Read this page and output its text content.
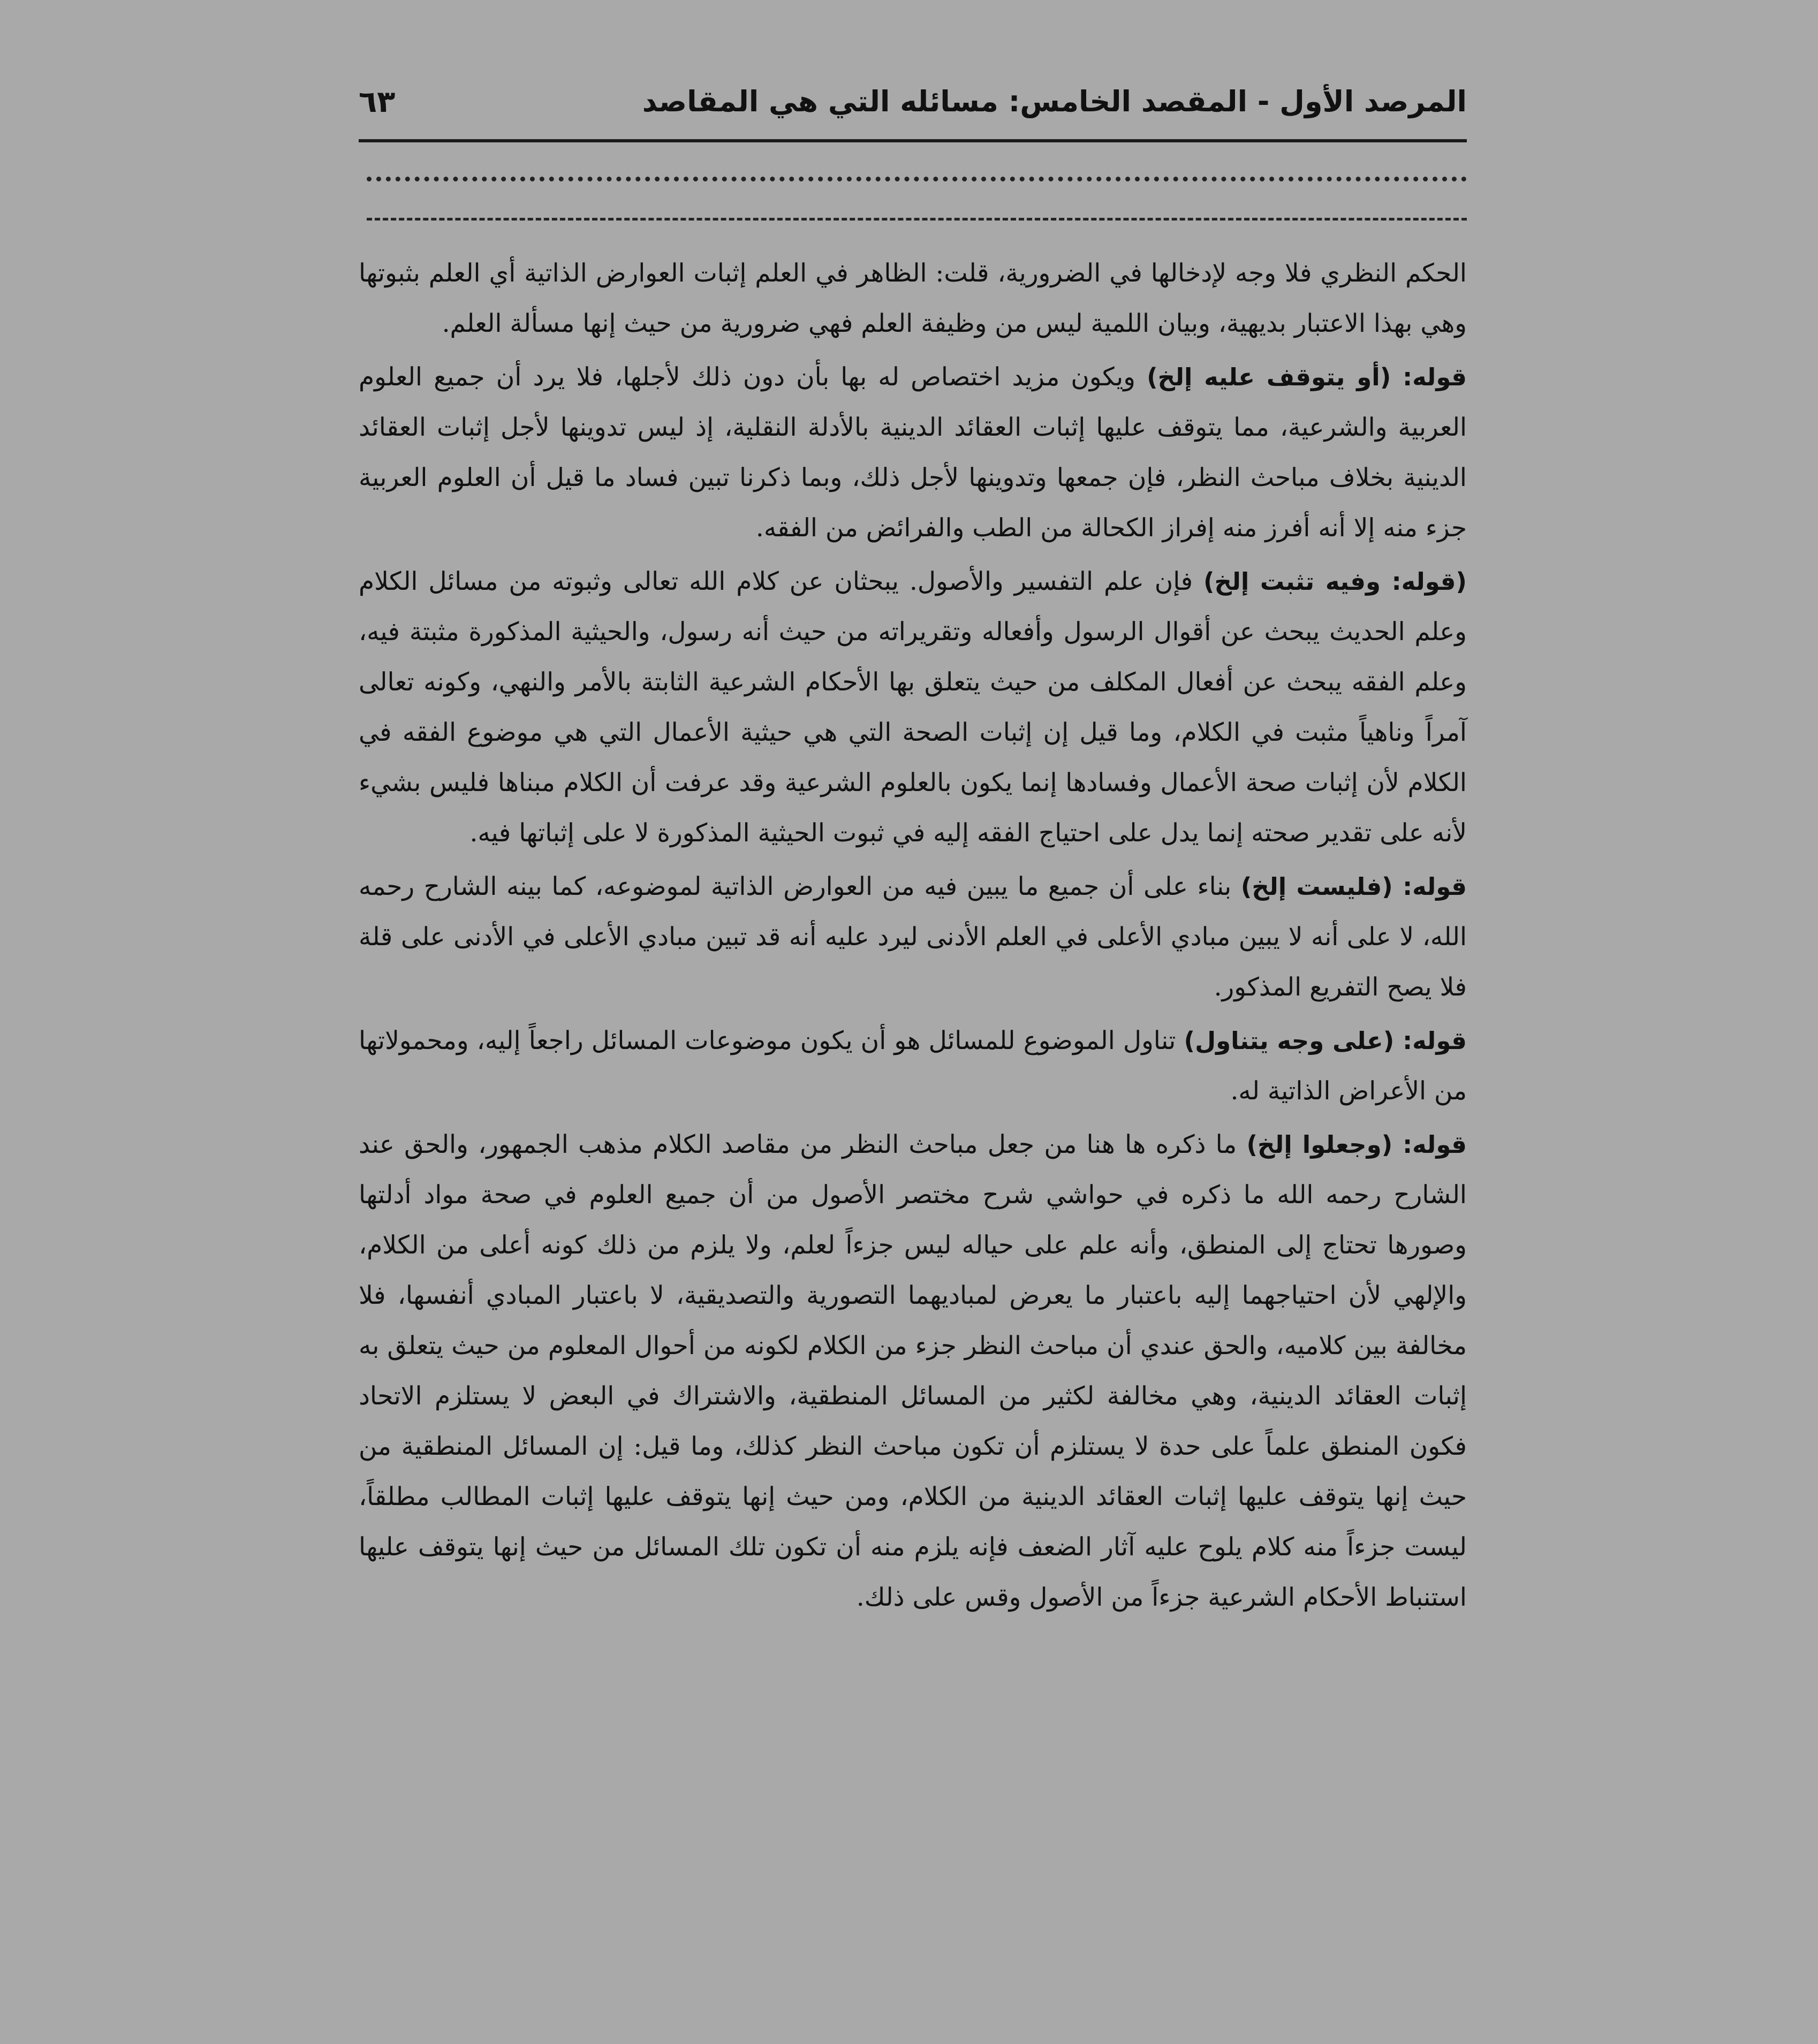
المرصد الأول - المقصد الخامس: مسائله التي هي المقاصد
٦٣

الحكم النظري فلا وجه لإدخالها في الضرورية، قلت: الظاهر في العلم إثبات العوارض الذاتية أي العلم بثبوتها وهي بهذا الاعتبار بديهية، وبيان اللمية ليس من وظيفة العلم فهي ضرورية من حيث إنها مسألة العلم.

قوله: (أو يتوقف عليه إلخ) ويكون مزيد اختصاص له بها بأن دون ذلك لأجلها، فلا يرد أن جميع العلوم العربية والشرعية، مما يتوقف عليها إثبات العقائد الدينية بالأدلة النقلية، إذ ليس تدوينها لأجل إثبات العقائد الدينية بخلاف مباحث النظر، فإن جمعها وتدوينها لأجل ذلك، وبما ذكرنا تبين فساد ما قيل أن العلوم العربية جزء منه إلا أنه أفرز منه إفراز الكحالة من الطب والفرائض من الفقه.

(قوله: وفيه تثبت إلخ) فإن علم التفسير والأصول. يبحثان عن كلام الله تعالى وثبوته من مسائل الكلام وعلم الحديث يبحث عن أقوال الرسول وأفعاله وتقريراته من حيث أنه رسول، والحيثية المذكورة مثبتة فيه، وعلم الفقه يبحث عن أفعال المكلف من حيث يتعلق بها الأحكام الشرعية الثابتة بالأمر والنهي، وكونه تعالى آمراً وناهياً مثبت في الكلام، وما قيل إن إثبات الصحة التي هي حيثية الأعمال التي هي موضوع الفقه في الكلام لأن إثبات صحة الأعمال وفسادها إنما يكون بالعلوم الشرعية وقد عرفت أن الكلام مبناها فليس بشيء لأنه على تقدير صحته إنما يدل على احتياج الفقه إليه في ثبوت الحيثية المذكورة لا على إثباتها فيه.

قوله: (فليست إلخ) بناء على أن جميع ما يبين فيه من العوارض الذاتية لموضوعه، كما بينه الشارح رحمه الله، لا على أنه لا يبين مبادي الأعلى في العلم الأدنى ليرد عليه أنه قد تبين مبادي الأعلى في الأدنى على قلة فلا يصح التفريع المذكور.

قوله: (على وجه يتناول) تناول الموضوع للمسائل هو أن يكون موضوعات المسائل راجعاً إليه، ومحمولاتها من الأعراض الذاتية له.

قوله: (وجعلوا إلخ) ما ذكره ها هنا من جعل مباحث النظر من مقاصد الكلام مذهب الجمهور، والحق عند الشارح رحمه الله ما ذكره في حواشي شرح مختصر الأصول من أن جميع العلوم في صحة مواد أدلتها وصورها تحتاج إلى المنطق، وأنه علم على حياله ليس جزءاً لعلم، ولا يلزم من ذلك كونه أعلى من الكلام، والإلهي لأن احتياجهما إليه باعتبار ما يعرض لمباديهما التصورية والتصديقية، لا باعتبار المبادي أنفسها، فلا مخالفة بين كلاميه، والحق عندي أن مباحث النظر جزء من الكلام لكونه من أحوال المعلوم من حيث يتعلق به إثبات العقائد الدينية، وهي مخالفة لكثير من المسائل المنطقية، والاشتراك في البعض لا يستلزم الاتحاد فكون المنطق علماً على حدة لا يستلزم أن تكون مباحث النظر كذلك، وما قيل: إن المسائل المنطقية من حيث إنها يتوقف عليها إثبات العقائد الدينية من الكلام، ومن حيث إنها يتوقف عليها إثبات المطالب مطلقاً، ليست جزءاً منه كلام يلوح عليه آثار الضعف فإنه يلزم منه أن تكون تلك المسائل من حيث إنها يتوقف عليها استنباط الأحكام الشرعية جزءاً من الأصول وقس على ذلك.
